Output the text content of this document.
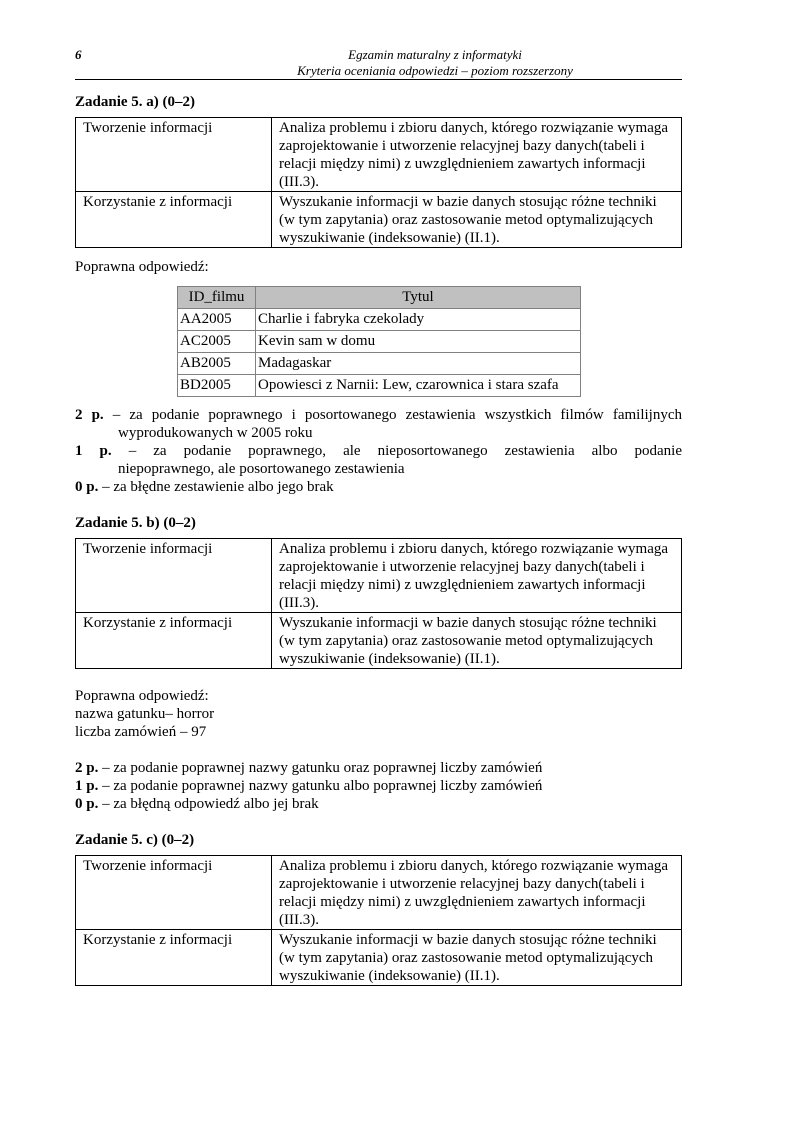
6	Egzamin maturalny z informatyki
Kryteria oceniania odpowiedzi – poziom rozszerzony
Zadanie 5. a) (0–2)
Tworzenie informacji	Analiza problemu i zbioru danych, którego rozwiązanie wymaga zaprojektowanie i utworzenie relacyjnej bazy danych(tabeli i relacji między nimi) z uwzględnieniem zawartych informacji (III.3).
Korzystanie z informacji	Wyszukanie informacji w bazie danych stosując różne techniki (w tym zapytania) oraz zastosowanie metod optymalizujących wyszukiwanie (indeksowanie) (II.1).
Poprawna odpowiedź:
ID_filmu	Tytul
AA2005	Charlie i fabryka czekolady
AC2005	Kevin sam w domu
AB2005	Madagaskar
BD2005	Opowiesci z Narnii: Lew, czarownica i stara szafa
2 p. – za podanie poprawnego i posortowanego zestawienia wszystkich filmów familijnych
wyprodukowanych w 2005 roku
1 p. – za podanie poprawnego, ale nieposortowanego zestawienia albo podanie
niepoprawnego, ale posortowanego zestawienia
0 p. – za błędne zestawienie albo jego brak
Zadanie 5. b) (0–2)
Tworzenie informacji	Analiza problemu i zbioru danych, którego rozwiązanie wymaga zaprojektowanie i utworzenie relacyjnej bazy danych(tabeli i relacji między nimi) z uwzględnieniem zawartych informacji (III.3).
Korzystanie z informacji	Wyszukanie informacji w bazie danych stosując różne techniki (w tym zapytania) oraz zastosowanie metod optymalizujących wyszukiwanie (indeksowanie) (II.1).
Poprawna odpowiedź:
nazwa gatunku– horror
liczba zamówień – 97
2 p. – za podanie poprawnej nazwy gatunku oraz poprawnej liczby zamówień
1 p. – za podanie poprawnej nazwy gatunku albo poprawnej liczby zamówień
0 p. – za błędną odpowiedź albo jej brak
Zadanie 5. c) (0–2)
Tworzenie informacji	Analiza problemu i zbioru danych, którego rozwiązanie wymaga zaprojektowanie i utworzenie relacyjnej bazy danych(tabeli i relacji między nimi) z uwzględnieniem zawartych informacji (III.3).
Korzystanie z informacji	Wyszukanie informacji w bazie danych stosując różne techniki (w tym zapytania) oraz zastosowanie metod optymalizujących wyszukiwanie (indeksowanie) (II.1).
